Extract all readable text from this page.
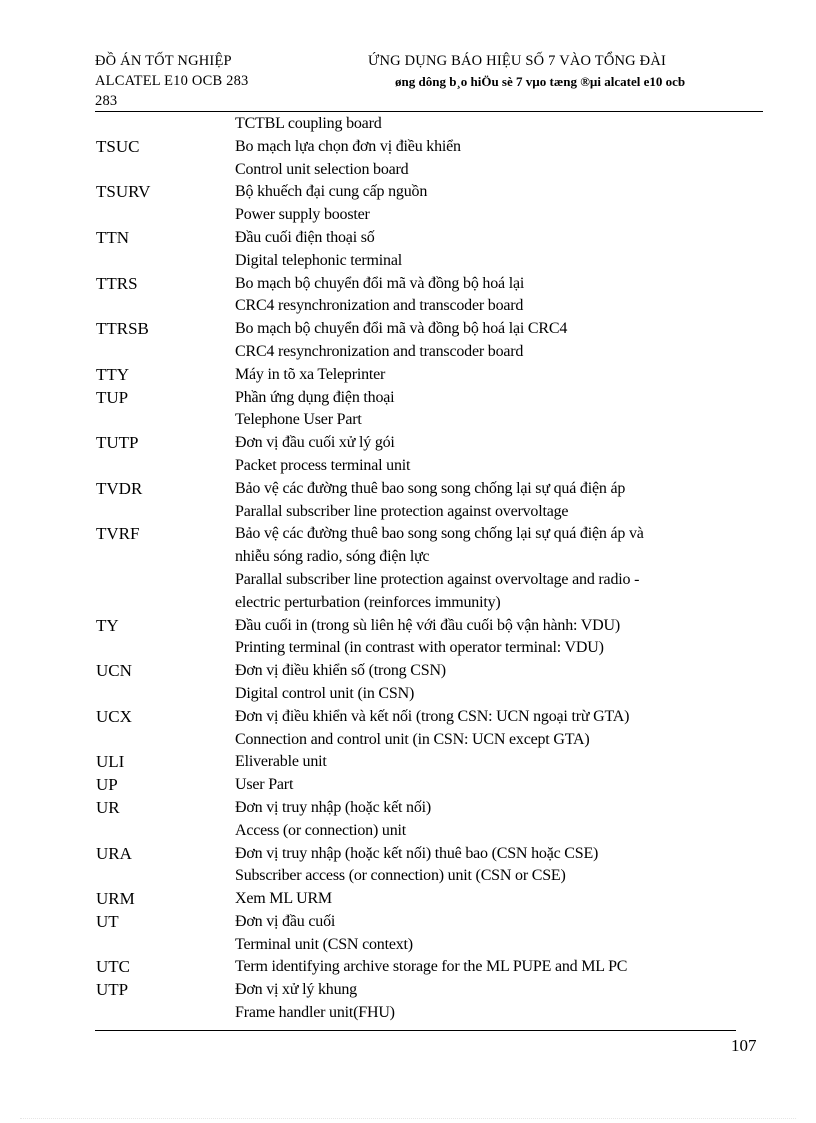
ĐỒ ÁN TỐT NGHIỆP
ALCATEL E10 OCB 283
283
ỨNG DỤNG BÁO HIỆU SỐ 7 VÀO TỔNG ĐÀI
øng dông b¸o hiÖu sè 7 vµo tæng ®µi alcatel e10 ocb
TCTBL coupling board
TSUC	Bo mạch lựa chọn đơn vị điều khiển
Control unit selection board
TSURV	Bộ khuếch đại cung cấp nguồn
Power supply booster
TTN	Đầu cuối điện thoại số
Digital telephonic terminal
TTRS	Bo mạch bộ chuyển đổi mã và đồng bộ hoá lại
CRC4 resynchronization and transcoder board
TTRSB	Bo mạch bộ chuyển đổi mã và đồng bộ hoá lại CRC4
CRC4 resynchronization and transcoder board
TTY	Máy in tõ xa Teleprinter
TUP	Phần ứng dụng điện thoại
Telephone User Part
TUTP	Đơn vị đầu cuối xử lý gói
Packet process terminal unit
TVDR	Bảo vệ các đường thuê bao song song chống lại sự quá điện áp
Parallal subscriber line protection against overvoltage
TVRF	Bảo vệ các đường thuê bao song song chống lại sự quá điện áp và
nhiễu sóng radio, sóng điện lực
Parallal subscriber line protection against overvoltage and radio -
electric perturbation (reinforces immunity)
TY	Đầu cuối in (trong sù liên hệ với đầu cuối bộ vận hành: VDU)
Printing terminal (in contrast with operator terminal: VDU)
UCN	Đơn vị điều khiển số (trong CSN)
Digital control unit (in CSN)
UCX	Đơn vị điều khiển và kết nối (trong CSN: UCN ngoại trừ GTA)
Connection and control unit (in CSN: UCN except GTA)
ULI	Eliverable unit
UP	User Part
UR	Đơn vị truy nhập (hoặc kết nối)
Access (or connection) unit
URA	Đơn vị truy nhập (hoặc kết nối) thuê bao (CSN hoặc CSE)
Subscriber access (or connection) unit (CSN or CSE)
URM	Xem ML URM
UT	Đơn vị đầu cuối
Terminal unit (CSN context)
UTC	Term identifying archive storage for the ML PUPE and ML PC
UTP	Đơn vị xử lý khung
Frame handler unit(FHU)
107
